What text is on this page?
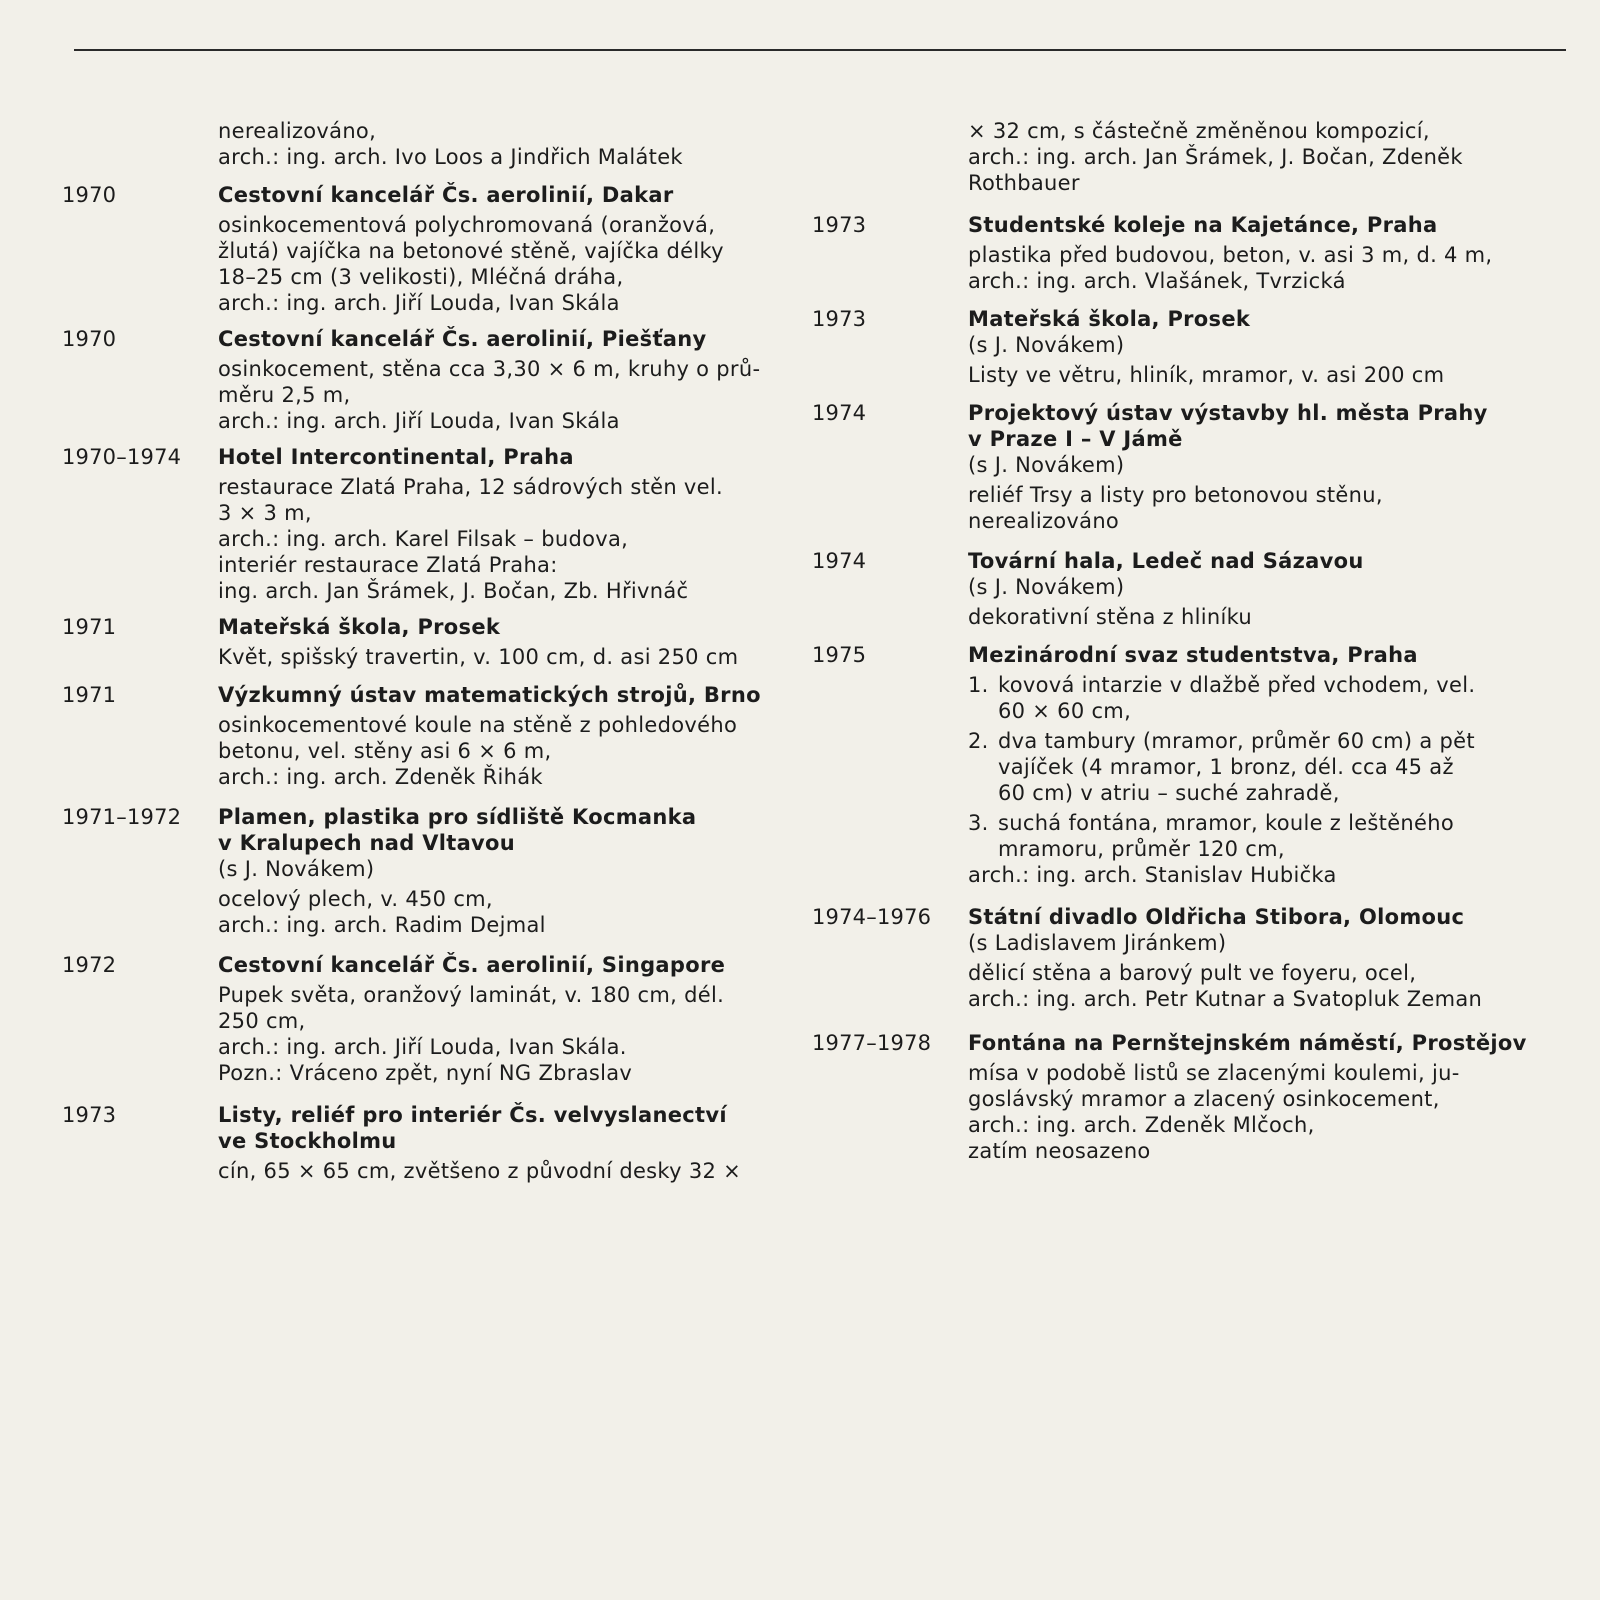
nerealizováno,
arch.: ing. arch. Ivo Loos a Jindřich Malátek
1970	Cestovní kancelář Čs. aerolinií, Dakar
osinkocementová polychromovaná (oranžová,
žlutá) vajíčka na betonové stěně, vajíčka délky
18–25 cm (3 velikosti), Mléčná dráha,
arch.: ing. arch. Jiří Louda, Ivan Skála
1970	Cestovní kancelář Čs. aerolinií, Piešťany
osinkocement, stěna cca 3,30 × 6 m, kruhy o prů-
měru 2,5 m,
arch.: ing. arch. Jiří Louda, Ivan Skála
1970–1974 Hotel Intercontinental, Praha
restaurace Zlatá Praha, 12 sádrových stěn vel.
3 × 3 m,
arch.: ing. arch. Karel Filsak – budova,
interiér restaurace Zlatá Praha:
ing. arch. Jan Šrámek, J. Bočan, Zb. Hřivnáč
1971	Mateřská škola, Prosek
Květ, spišský travertin, v. 100 cm, d. asi 250 cm
1971	Výzkumný ústav matematických strojů, Brno
osinkocementové koule na stěně z pohledového
betonu, vel. stěny asi 6 × 6 m,
arch.: ing. arch. Zdeněk Řihák
1971–1972 Plamen, plastika pro sídliště Kocmanka
v Kralupech nad Vltavou
(s J. Novákem)
ocelový plech, v. 450 cm,
arch.: ing. arch. Radim Dejmal
1972	Cestovní kancelář Čs. aerolinií, Singapore
Pupek světa, oranžový laminát, v. 180 cm, dél.
250 cm,
arch.: ing. arch. Jiří Louda, Ivan Skála.
Pozn.: Vráceno zpět, nyní NG Zbraslav
1973	Listy, reliéf pro interiér Čs. velvyslanectví
ve Stockholmu
cín, 65 × 65 cm, zvětšeno z původní desky 32 ×
× 32 cm, s částečně změněnou kompozicí,
arch.: ing. arch. Jan Šrámek, J. Bočan, Zdeněk
Rothbauer
1973	Studentské koleje na Kajetánce, Praha
plastika před budovou, beton, v. asi 3 m, d. 4 m,
arch.: ing. arch. Vlašánek, Tvrzická
1973	Mateřská škola, Prosek
(s J. Novákem)
Listy ve větru, hliník, mramor, v. asi 200 cm
1974	Projektový ústav výstavby hl. města Prahy
v Praze I – V Jámě
(s J. Novákem)
reliéf Trsy a listy pro betonovou stěnu,
nerealizováno
1974	Tovární hala, Ledeč nad Sázavou
(s J. Novákem)
dekorativní stěna z hliníku
1975	Mezinárodní svaz studentstva, Praha
1. kovová intarzie v dlažbě před vchodem, vel.
60 × 60 cm,
2. dva tambury (mramor, průměr 60 cm) a pět
vajíček (4 mramor, 1 bronz, dél. cca 45 až
60 cm) v atriu – suché zahradě,
3. suchá fontána, mramor, koule z leštěného
mramoru, průměr 120 cm,
arch.: ing. arch. Stanislav Hubička
1974–1976 Státní divadlo Oldřicha Stibora, Olomouc
(s Ladislavem Jiránkem)
dělicí stěna a barový pult ve foyeru, ocel,
arch.: ing. arch. Petr Kutnar a Svatopluk Zeman
1977–1978 Fontána na Pernštejnském náměstí, Prostějov
mísa v podobě listů se zlacenými koulemi, ju-
goslávský mramor a zlacený osinkocement,
arch.: ing. arch. Zdeněk Mlčoch,
zatím neosazeno
